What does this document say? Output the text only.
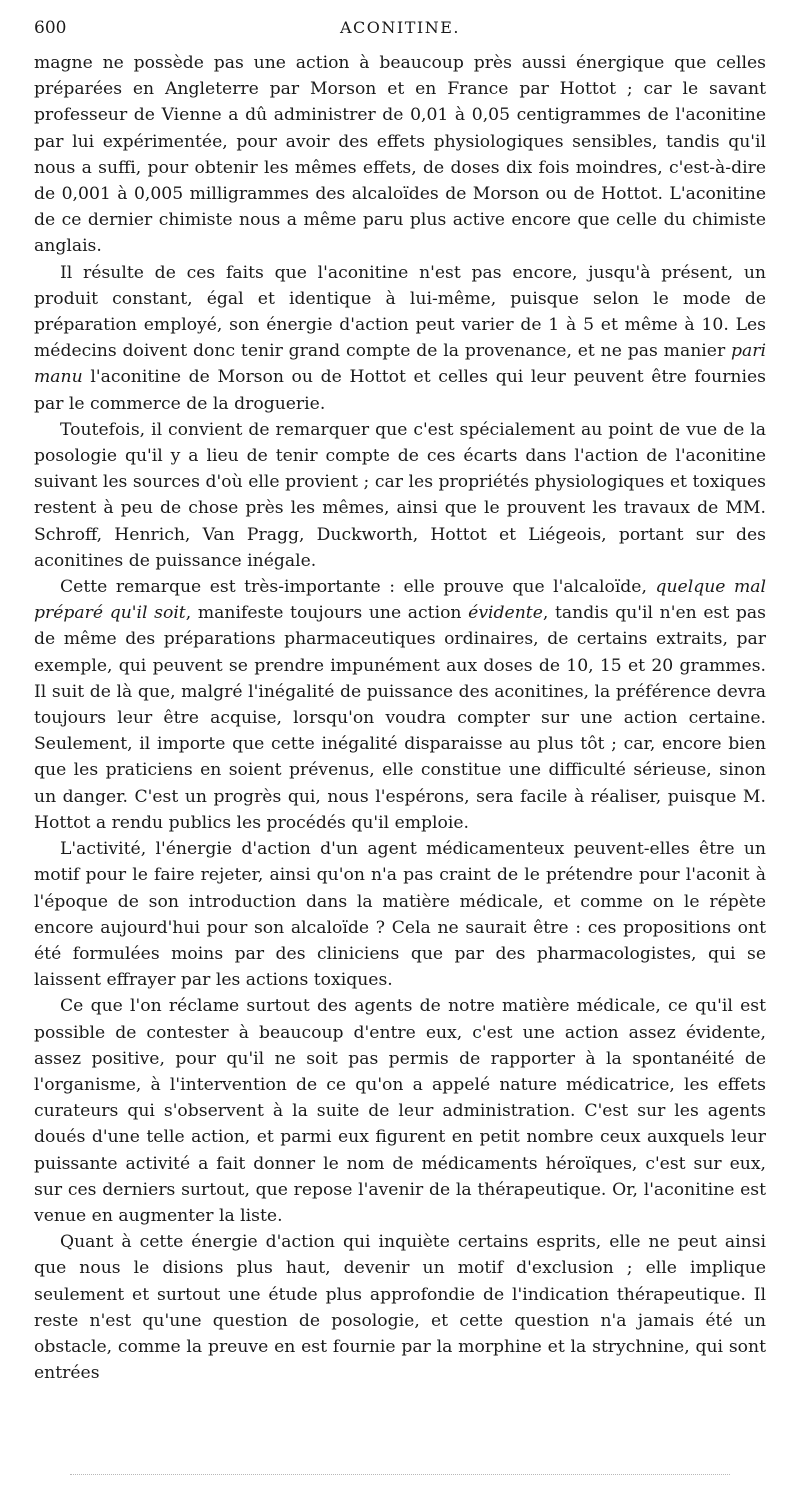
600	ACONITINE.

magne ne possède pas une action à beaucoup près aussi énergique que celles préparées en Angleterre par Morson et en France par Hottot ; car le savant professeur de Vienne a dû administrer de 0,01 à 0,05 centigrammes de l'aconitine par lui expérimentée, pour avoir des effets physiologiques sensibles, tandis qu'il nous a suffi, pour obtenir les mêmes effets, de doses dix fois moindres, c'est-à-dire de 0,001 à 0,005 milligrammes des alcaloïdes de Morson ou de Hottot. L'aconitine de ce dernier chimiste nous a même paru plus active encore que celle du chimiste anglais.

Il résulte de ces faits que l'aconitine n'est pas encore, jusqu'à présent, un produit constant, égal et identique à lui-même, puisque selon le mode de préparation employé, son énergie d'action peut varier de 1 à 5 et même à 10. Les médecins doivent donc tenir grand compte de la provenance, et ne pas manier pari manu l'aconitine de Morson ou de Hottot et celles qui leur peuvent être fournies par le commerce de la droguerie.

Toutefois, il convient de remarquer que c'est spécialement au point de vue de la posologie qu'il y a lieu de tenir compte de ces écarts dans l'action de l'aconitine suivant les sources d'où elle provient ; car les propriétés physiologiques et toxiques restent à peu de chose près les mêmes, ainsi que le prouvent les travaux de MM. Schroff, Henrich, Van Pragg, Duckworth, Hottot et Liégeois, portant sur des aconitines de puissance inégale.

Cette remarque est très-importante : elle prouve que l'alcaloïde, quelque mal préparé qu'il soit, manifeste toujours une action évidente, tandis qu'il n'en est pas de même des préparations pharmaceutiques ordinaires, de certains extraits, par exemple, qui peuvent se prendre impunément aux doses de 10, 15 et 20 grammes. Il suit de là que, malgré l'inégalité de puissance des aconitines, la préférence devra toujours leur être acquise, lorsqu'on voudra compter sur une action certaine. Seulement, il importe que cette inégalité disparaisse au plus tôt ; car, encore bien que les praticiens en soient prévenus, elle constitue une difficulté sérieuse, sinon un danger. C'est un progrès qui, nous l'espérons, sera facile à réaliser, puisque M. Hottot a rendu publics les procédés qu'il emploie.

L'activité, l'énergie d'action d'un agent médicamenteux peuvent-elles être un motif pour le faire rejeter, ainsi qu'on n'a pas craint de le prétendre pour l'aconit à l'époque de son introduction dans la matière médicale, et comme on le répète encore aujourd'hui pour son alcaloïde ? Cela ne saurait être : ces propositions ont été formulées moins par des cliniciens que par des pharmacologistes, qui se laissent effrayer par les actions toxiques.

Ce que l'on réclame surtout des agents de notre matière médicale, ce qu'il est possible de contester à beaucoup d'entre eux, c'est une action assez évidente, assez positive, pour qu'il ne soit pas permis de rapporter à la spontanéité de l'organisme, à l'intervention de ce qu'on a appelé nature médicatrice, les effets curateurs qui s'observent à la suite de leur administration. C'est sur les agents doués d'une telle action, et parmi eux figurent en petit nombre ceux auxquels leur puissante activité a fait donner le nom de médicaments héroïques, c'est sur eux, sur ces derniers surtout, que repose l'avenir de la thérapeutique. Or, l'aconitine est venue en augmenter la liste.

Quant à cette énergie d'action qui inquiète certains esprits, elle ne peut ainsi que nous le disions plus haut, devenir un motif d'exclusion ; elle implique seulement et surtout une étude plus approfondie de l'indication thérapeutique. Il reste n'est qu'une question de posologie, et cette question n'a jamais été un obstacle, comme la preuve en est fournie par la morphine et la strychnine, qui sont entrées
